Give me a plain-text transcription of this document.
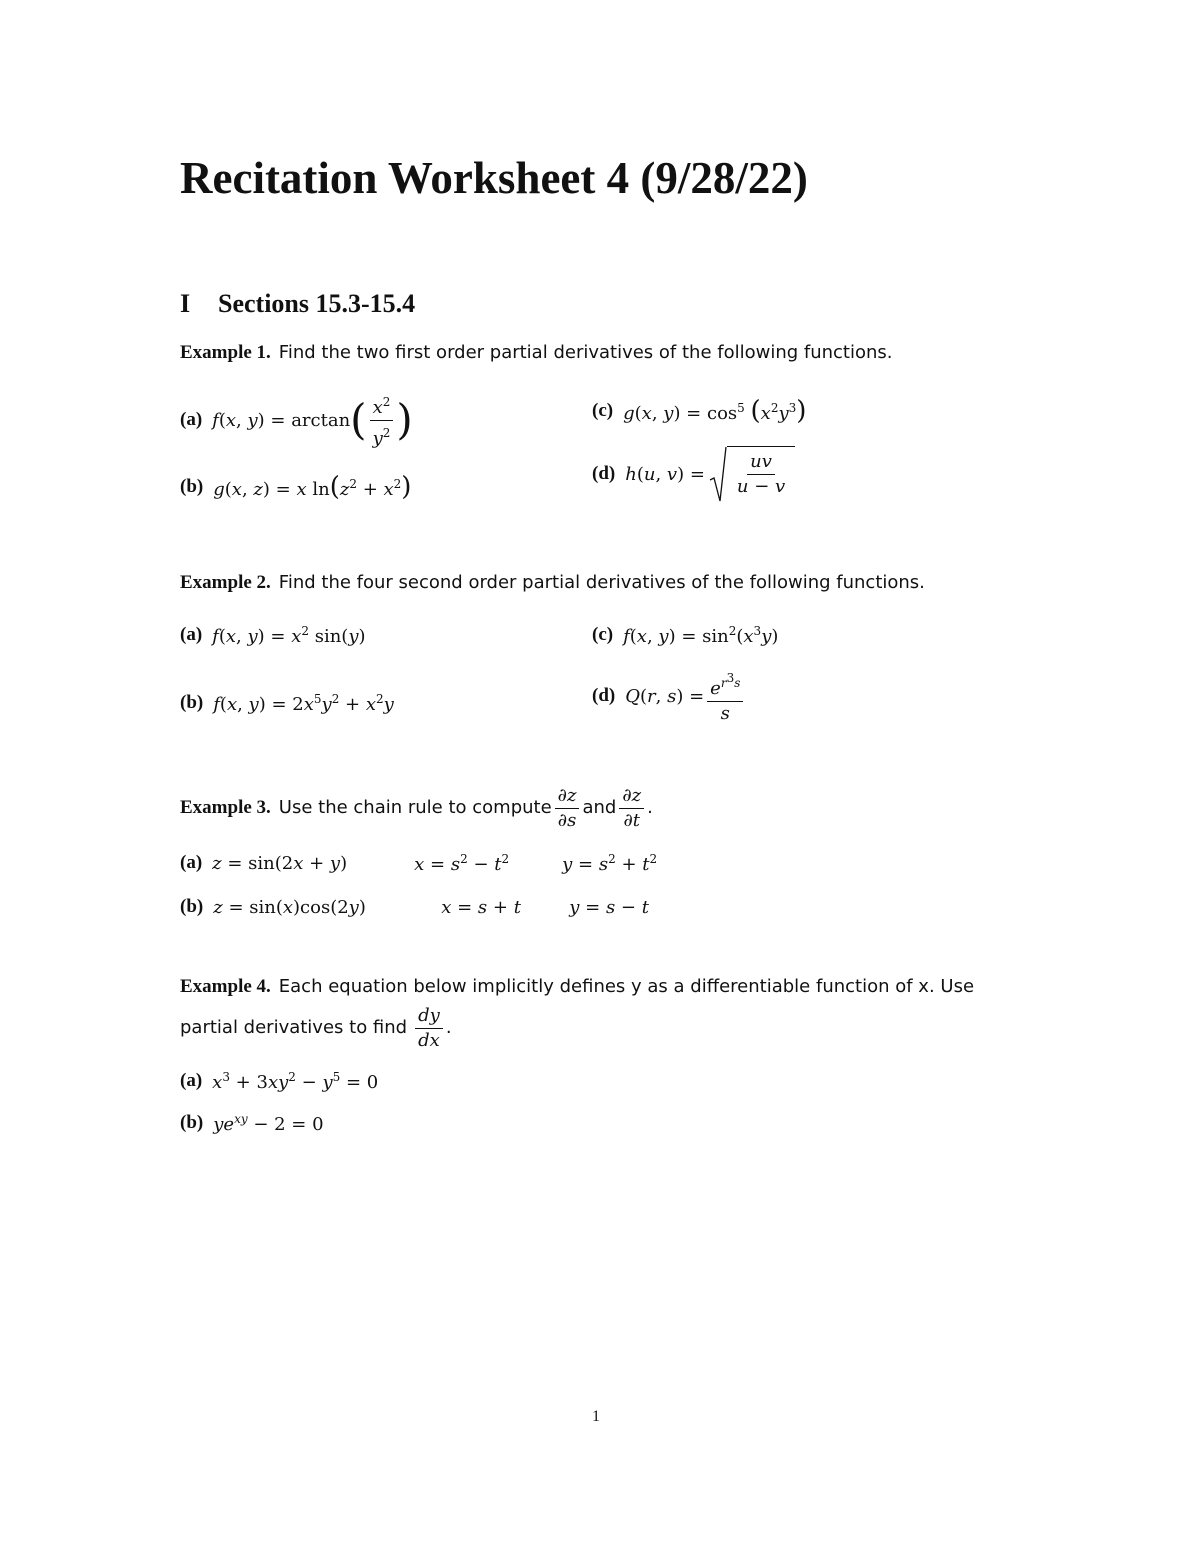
Recitation Worksheet 4 (9/28/22)
I Sections 15.3-15.4
Example 1. Find the two first order partial derivatives of the following functions.
(a) f(x, y) = arctan ( $\frac{x^2}{y^2}$ )
(b) g(x, z) = x $\ln(z^2 + x^2)$
(c) g(x, $y) = \cos^5 (x^2y^3)$
(d) h(u, $v) = \frac{uv}{u - v}$
Example 2. Find the four second order partial derivatives of the following functions.
(a) f(x, $y) = x^2$ sin(y)
(b) f(x, $y) = 2x^5y^2 + x^2y$
(c) f(x, $y) = \sin^2(x^3y)$
(d) Q(r, $s) = \frac{e^{r^3s}}{s}$
Example 3. Use the chain rule to compute $\frac{\partial z}{\partial s}$ and $\frac{\partial z}{\partial t}$ .
(a) z = sin(2x + y)	$x = s^2 - t^2$	$y = s^2 + t^2$
(b) z = sin(x)cos(2y)	x = s + t	y = s − t
Example 4. Each equation below implicitly defines y as a differentiable function of x. Use
partial derivatives to find $\frac{dy}{dx}$ .
(a) $x^3 + 3xy^2 - y^5 = 0$
(b) $ye^{xy} - 2 = 0$
1
